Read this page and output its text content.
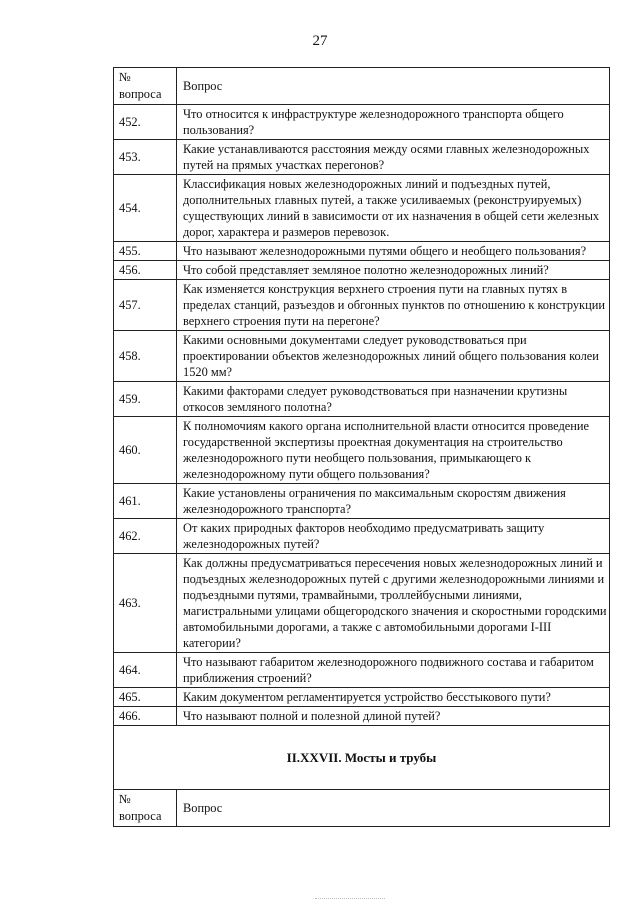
27
№
вопроса	Вопрос
452.	Что относится к инфраструктуре железнодорожного транспорта общего пользования?
453.	Какие устанавливаются расстояния между осями главных железнодорожных путей на прямых участках перегонов?
454.	Классификация новых железнодорожных линий и подъездных путей, дополнительных главных путей, а также усиливаемых (реконструируемых) существующих линий в зависимости от их назначения в общей сети железных дорог, характера и размеров перевозок.
455.	Что называют железнодорожными путями общего и необщего пользования?
456.	Что собой представляет земляное полотно железнодорожных линий?
457.	Как изменяется конструкция верхнего строения пути на главных путях в пределах станций, разъездов и обгонных пунктов по отношению к конструкции верхнего строения пути на перегоне?
458.	Какими основными документами следует руководствоваться при проектировании объектов железнодорожных линий общего пользования колеи 1520 мм?
459.	Какими факторами следует руководствоваться при назначении крутизны откосов земляного полотна?
460.	К полномочиям какого органа исполнительной власти относится проведение государственной экспертизы проектная документация на строительство железнодорожного пути необщего пользования, примыкающего к железнодорожному пути общего пользования?
461.	Какие установлены ограничения по максимальным скоростям движения железнодорожного транспорта?
462.	От каких природных факторов необходимо предусматривать защиту железнодорожных путей?
463.	Как должны предусматриваться пересечения новых железнодорожных линий и подъездных железнодорожных путей с другими железнодорожными линиями и подъездными путями, трамвайными, троллейбусными линиями, магистральными улицами общегородского значения и скоростными городскими автомобильными дорогами, а также с автомобильными дорогами I-III категории?
464.	Что называют габаритом железнодорожного подвижного состава и габаритом приближения строений?
465.	Каким документом регламентируется устройство бесстыкового пути?
466.	Что называют полной и полезной длиной путей?
II.XXVII. Мосты и трубы	
№
вопроса	Вопрос
